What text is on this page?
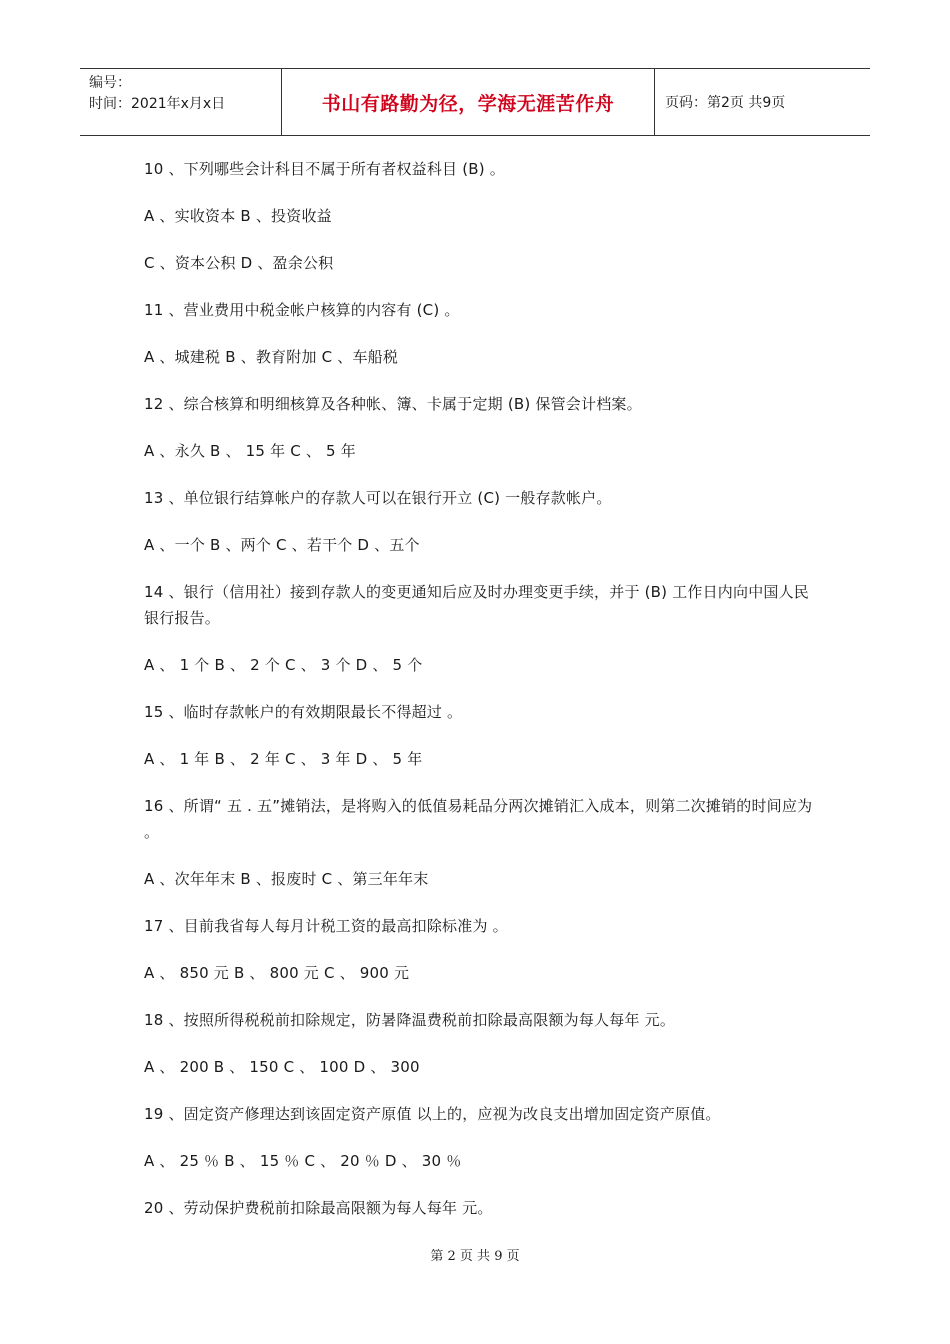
编号：
时间：2021年x月x日	书山有路勤为径，学海无涯苦作舟	页码：第2页 共9页

10 、下列哪些会计科目不属于所有者权益科目 (B) 。

A 、实收资本 B 、投资收益

C 、资本公积 D 、盈余公积

11 、营业费用中税金帐户核算的内容有 (C) 。

A 、城建税 B 、教育附加 C 、车船税

12 、综合核算和明细核算及各种帐、簿、卡属于定期 (B) 保管会计档案。

A 、永久 B 、 15 年 C 、 5 年

13 、单位银行结算帐户的存款人可以在银行开立 (C) 一般存款帐户。

A 、一个 B 、两个 C 、若干个 D 、五个

14 、银行（信用社）接到存款人的变更通知后应及时办理变更手续，并于 (B) 工作日内向中国人民银行报告。

A 、 1 个 B 、 2 个 C 、 3 个 D 、 5 个

15 、临时存款帐户的有效期限最长不得超过 。

A 、 1 年 B 、 2 年 C 、 3 年 D 、 5 年

16 、所谓“ 五 . 五”摊销法，是将购入的低值易耗品分两次摊销汇入成本，则第二次摊销的时间应为 。

A 、次年年末 B 、报废时 C 、第三年年末

17 、目前我省每人每月计税工资的最高扣除标准为 。

A 、 850 元 B 、 800 元 C 、 900 元

18 、按照所得税税前扣除规定，防暑降温费税前扣除最高限额为每人每年 元。

A 、 200 B 、 150 C 、 100 D 、 300

19 、固定资产修理达到该固定资产原值 以上的，应视为改良支出增加固定资产原值。

A 、 25 ％ B 、 15 ％ C 、 20 ％ D 、 30 ％

20 、劳动保护费税前扣除最高限额为每人每年 元。

第 2 页 共 9 页
